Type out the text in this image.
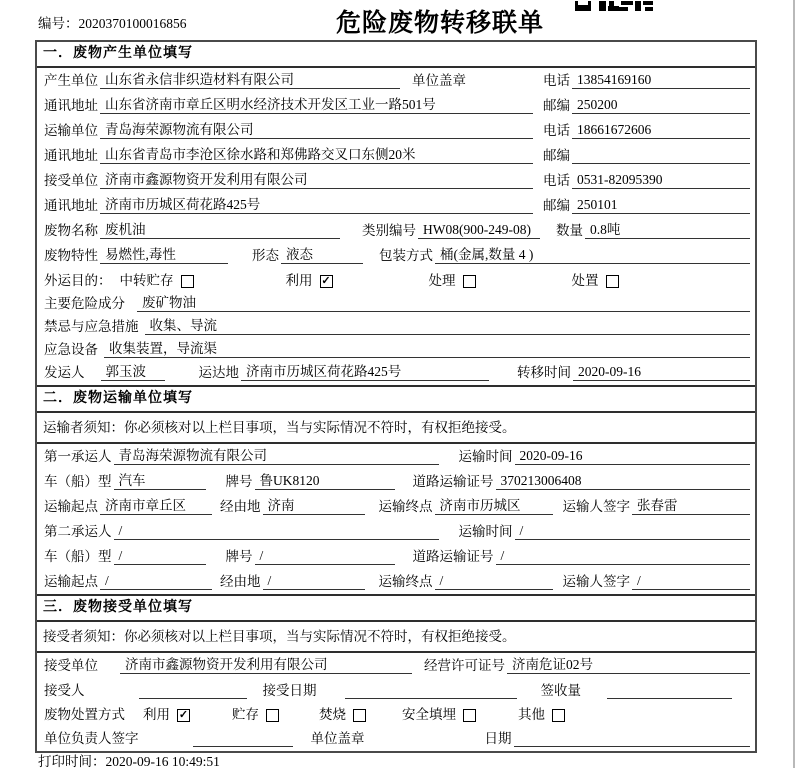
编号：2020370100016856	危险废物转移联单
一．废物产生单位填写
产生单位 山东省永信非织造材料有限公司	单位盖章	电话 13854169160
通讯地址 山东省济南市章丘区明水经济技术开发区工业一路501号	邮编 250200
运输单位 青岛海荣源物流有限公司	电话 18661672606
通讯地址 山东省青岛市李沧区徐水路和郑佛路交叉口东侧20米	邮编
接受单位 济南市鑫源物资开发利用有限公司	电话 0531-82095390
通讯地址 济南市历城区荷花路425号	邮编 250101
废物名称 废机油	类别编号 HW08(900-249-08)	数量 0.8吨
废物特性 易燃性,毒性	形态 液态	包装方式 桶(金属,数量 4 )
外运目的： 中转贮存	利用 ✓	处理	处置
主要危险成分	废矿物油
禁忌与应急措施 收集、导流
应急设备 收集装置，导流渠
发运人	郭玉波	运达地 济南市历城区荷花路425号	转移时间 2020-09-16
二．废物运输单位填写
运输者须知：你必须核对以上栏目事项，当与实际情况不符时，有权拒绝接受。
第一承运人 青岛海荣源物流有限公司	运输时间 2020-09-16
车（船）型 汽车	牌号 鲁UK8120	道路运输证号 370213006408
运输起点 济南市章丘区	经由地 济南	运输终点 济南市历城区	运输人签字 张春雷
第二承运人 /	运输时间 /
车（船）型 /	牌号 /	道路运输证号 /
运输起点 /	经由地 /	运输终点 /	运输人签字 /
三．废物接受单位填写
接受者须知：你必须核对以上栏目事项，当与实际情况不符时，有权拒绝接受。
接受单位	济南市鑫源物资开发利用有限公司	经营许可证号 济南危证02号
接受人	接受日期	签收量
废物处置方式 利用 ✓	贮存	焚烧	安全填埋	其他
单位负责人签字	单位盖章	日期
打印时间：2020-09-16 10:49:51
